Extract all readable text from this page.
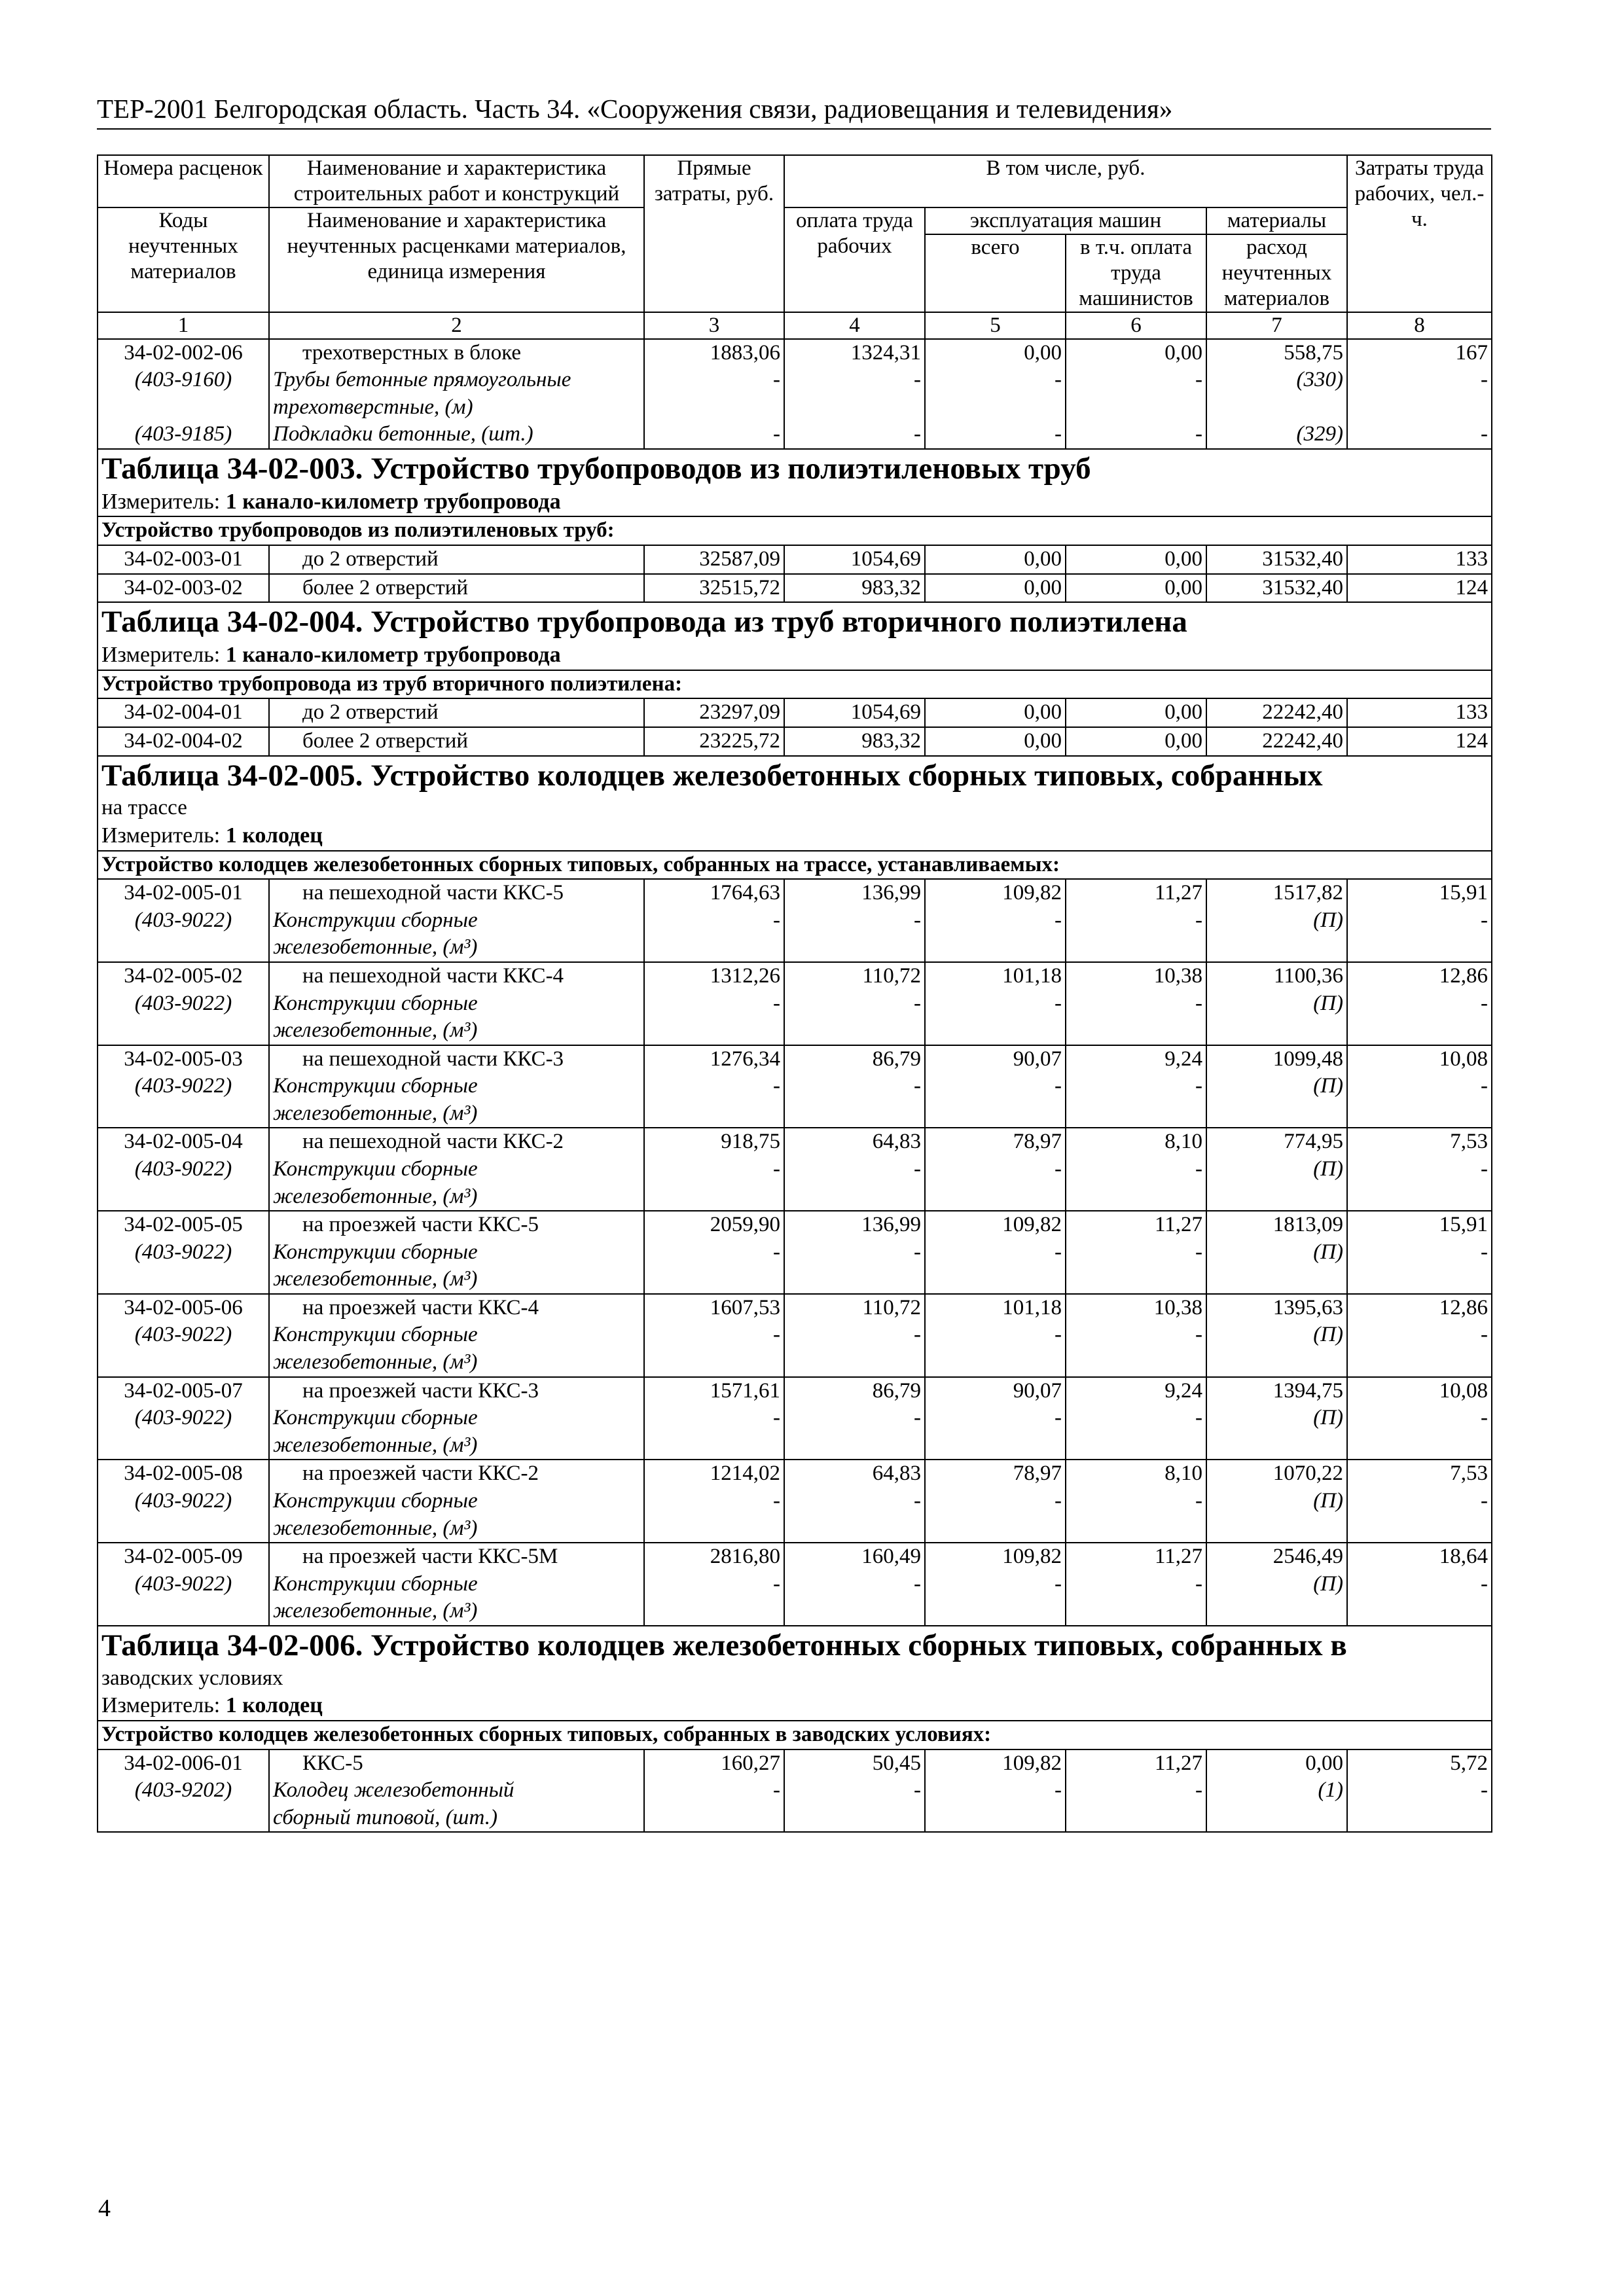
ТЕР-2001 Белгородская область. Часть 34. «Сооружения связи, радиовещания и телевидения»
Номера расценок	Наименование и характеристика строительных работ и конструкций	Прямые затраты, руб.	В том числе, руб.				Затраты труда рабочих, чел.-ч.
Коды неучтенных материалов	Наименование и характеристика неучтенных расценками материалов, единица измерения		оплата труда рабочих	эксплуатация машин		материалы	
				всего	в т.ч. оплата труда машинистов	расход неучтенных материалов	
1	2	3	4	5	6	7	8
34-02-002-06	трехотверстных в блоке	1883,06	1324,31	0,00	0,00	558,75	167
(403-9160)	Трубы бетонные прямоугольные	-	-	-	-	(330)	-
	трехотверстные, (м)						
(403-9185)	Подкладки бетонные, (шт.)	-	-	-	-	(329)	-
Таблица 34-02-003. Устройство трубопроводов из полиэтиленовых труб							
Измеритель: 1 канало-километр трубопровода							
Устройство трубопроводов из полиэтиленовых труб:							
34-02-003-01	до 2 отверстий	32587,09	1054,69	0,00	0,00	31532,40	133
34-02-003-02	более 2 отверстий	32515,72	983,32	0,00	0,00	31532,40	124
Таблица 34-02-004. Устройство трубопровода из труб вторичного полиэтилена							
Измеритель: 1 канало-километр трубопровода							
Устройство трубопровода из труб вторичного полиэтилена:							
34-02-004-01	до 2 отверстий	23297,09	1054,69	0,00	0,00	22242,40	133
34-02-004-02	более 2 отверстий	23225,72	983,32	0,00	0,00	22242,40	124
Таблица 34-02-005. Устройство колодцев железобетонных сборных типовых, собранных							
на трассе							
Измеритель: 1 колодец							
Устройство колодцев железобетонных сборных типовых, собранных на трассе, устанавливаемых:							
34-02-005-01	на пешеходной части ККС-5	1764,63	136,99	109,82	11,27	1517,82	15,91
(403-9022)	Конструкции сборные	-	-	-	-	(П)	-
	железобетонные, (м³)						
34-02-005-02	на пешеходной части ККС-4	1312,26	110,72	101,18	10,38	1100,36	12,86
(403-9022)	Конструкции сборные	-	-	-	-	(П)	-
	железобетонные, (м³)						
34-02-005-03	на пешеходной части ККС-3	1276,34	86,79	90,07	9,24	1099,48	10,08
(403-9022)	Конструкции сборные	-	-	-	-	(П)	-
	железобетонные, (м³)						
34-02-005-04	на пешеходной части ККС-2	918,75	64,83	78,97	8,10	774,95	7,53
(403-9022)	Конструкции сборные	-	-	-	-	(П)	-
	железобетонные, (м³)						
34-02-005-05	на проезжей части ККС-5	2059,90	136,99	109,82	11,27	1813,09	15,91
(403-9022)	Конструкции сборные	-	-	-	-	(П)	-
	железобетонные, (м³)						
34-02-005-06	на проезжей части ККС-4	1607,53	110,72	101,18	10,38	1395,63	12,86
(403-9022)	Конструкции сборные	-	-	-	-	(П)	-
	железобетонные, (м³)						
34-02-005-07	на проезжей части ККС-3	1571,61	86,79	90,07	9,24	1394,75	10,08
(403-9022)	Конструкции сборные	-	-	-	-	(П)	-
	железобетонные, (м³)						
34-02-005-08	на проезжей части ККС-2	1214,02	64,83	78,97	8,10	1070,22	7,53
(403-9022)	Конструкции сборные	-	-	-	-	(П)	-
	железобетонные, (м³)						
34-02-005-09	на проезжей части ККС-5М	2816,80	160,49	109,82	11,27	2546,49	18,64
(403-9022)	Конструкции сборные	-	-	-	-	(П)	-
	железобетонные, (м³)						
Таблица 34-02-006. Устройство колодцев железобетонных сборных типовых, собранных в							
заводских условиях							
Измеритель: 1 колодец							
Устройство колодцев железобетонных сборных типовых, собранных в заводских условиях:							
34-02-006-01	ККС-5	160,27	50,45	109,82	11,27	0,00	5,72
(403-9202)	Колодец железобетонный	-	-	-	-	(1)	-
	сборный типовой, (шт.)						
4
